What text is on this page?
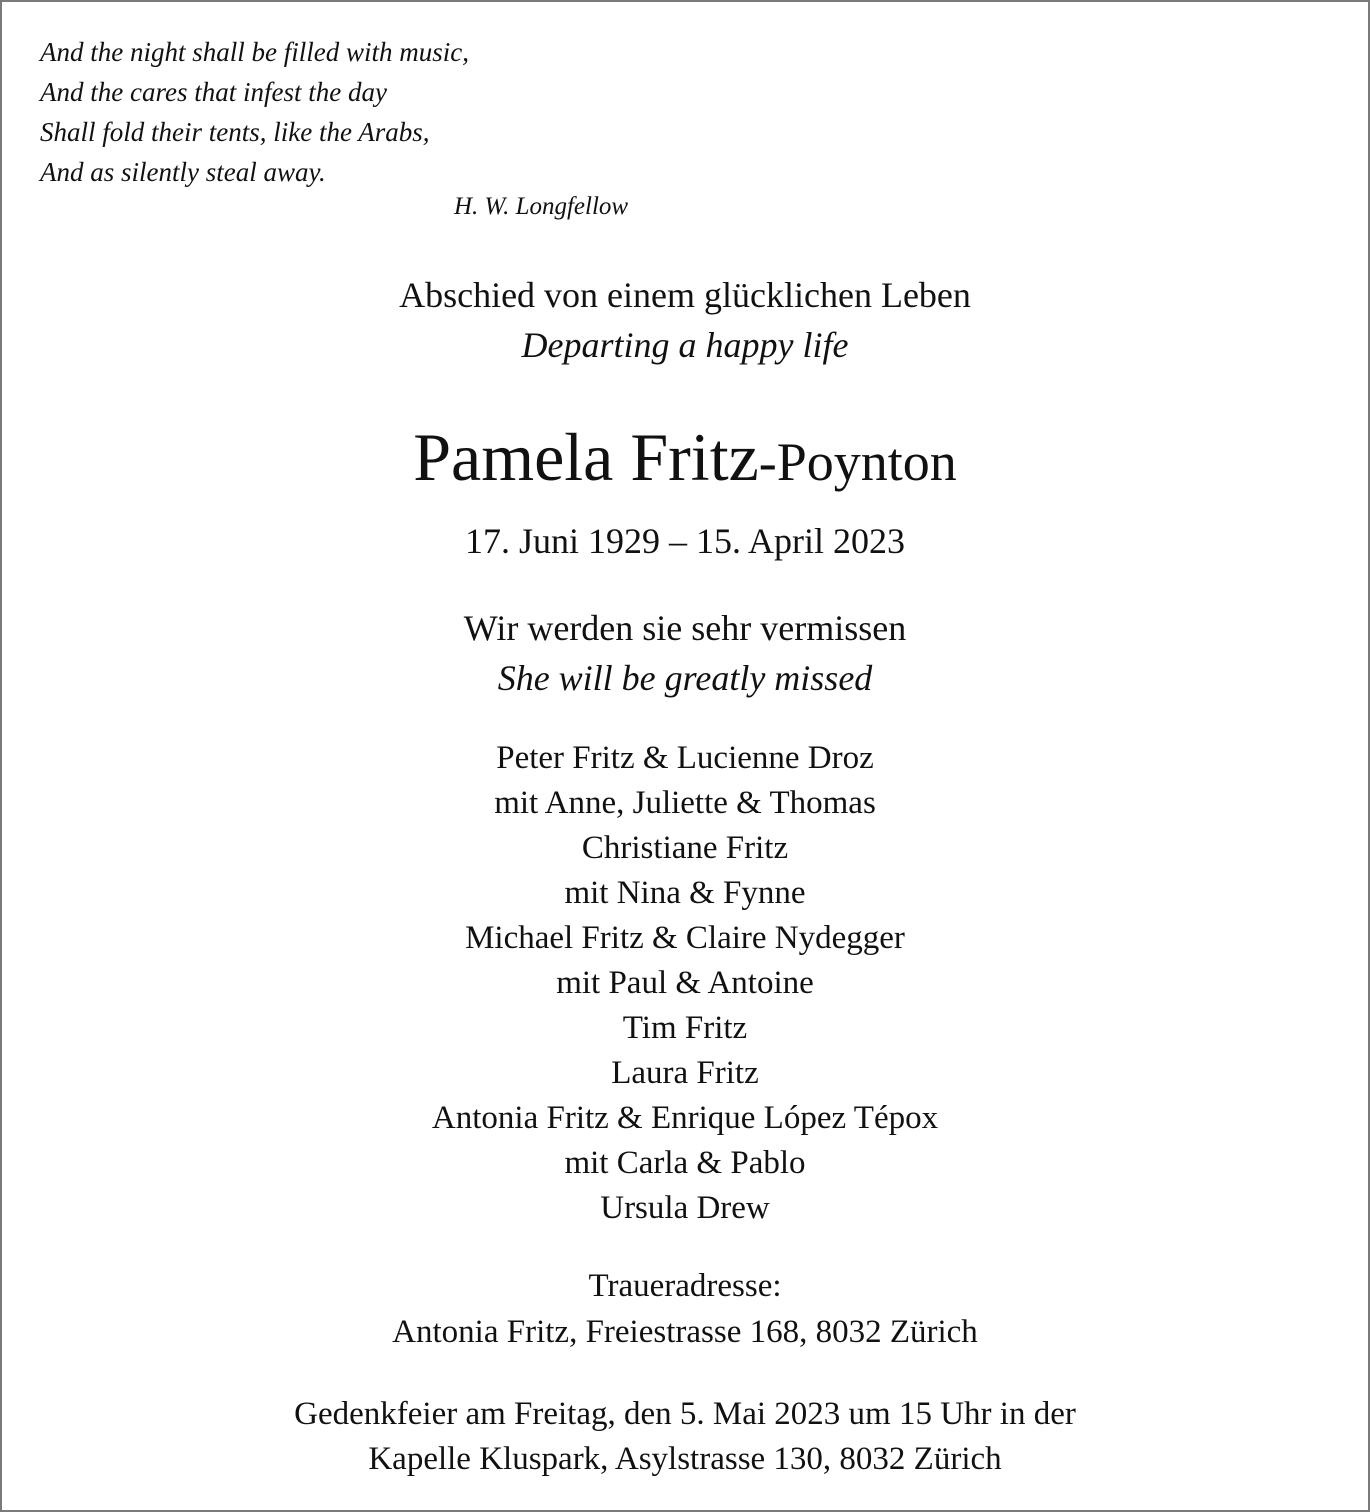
And the night shall be filled with music,
And the cares that infest the day
Shall fold their tents, like the Arabs,
And as silently steal away.
H. W. Longfellow
Abschied von einem glücklichen Leben
Departing a happy life
Pamela Fritz-Poynton
17. Juni 1929 – 15. April 2023
Wir werden sie sehr vermissen
She will be greatly missed
Peter Fritz & Lucienne Droz
mit Anne, Juliette & Thomas
Christiane Fritz
mit Nina & Fynne
Michael Fritz & Claire Nydegger
mit Paul & Antoine
Tim Fritz
Laura Fritz
Antonia Fritz & Enrique López Tépox
mit Carla & Pablo
Ursula Drew
Traueradresse:
Antonia Fritz, Freiestrasse 168, 8032 Zürich
Gedenkfeier am Freitag, den 5. Mai 2023 um 15 Uhr in der
Kapelle Kluspark, Asylstrasse 130, 8032 Zürich
